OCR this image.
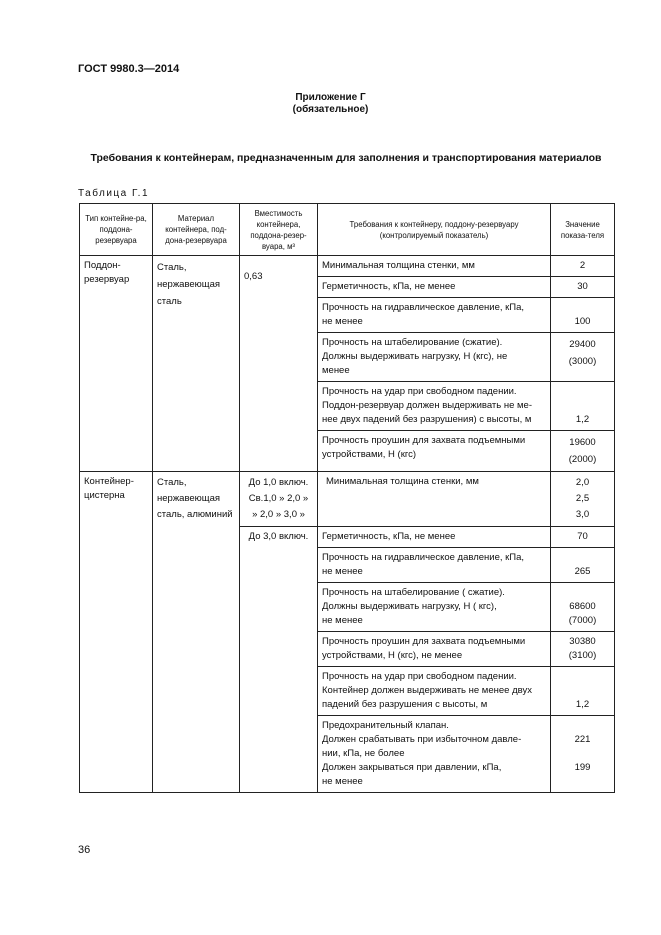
ГОСТ 9980.3—2014
Приложение Г
(обязательное)
Требования к контейнерам, предназначенным для заполнения и транспортирования материалов
Таблица Г.1
Тип контейне-ра, поддона-резервуара	Материал контейнера, под-дона-резервуара	Вместимость контейнера, поддона-резер-вуара, м³	Требования к контейнеру, поддону-резервуару (контролируемый показатель)	Значение показа-теля
Поддон-резервуар	Сталь, нержавеющая сталь	0,63	Минимальная толщина стенки, мм	2

			Герметичность, кПа, не менее	30

			Прочность на гидравлическое давление, кПа,
не менее	100

			Прочность на штабелирование (сжатие).
Должны выдерживать нагрузку, Н (кгс), не
менее	29400
(3000)

			Прочность на удар при свободном падении.
Поддон-резервуар должен выдерживать не ме-
нее двух падений без разрушения) с высоты, м	1,2

			Прочность проушин для захвата подъемными
устройствами, Н (кгс)	19600
(2000)

Контейнер-цистерна	Сталь, нержавеющая сталь, алюминий	До 1,0 включ.
Св.1,0 » 2,0 »
» 2,0 » 3,0 »	Минимальная толщина стенки, мм	2,0
2,5
3,0

		До 3,0 включ.	Герметичность, кПа, не менее	70

			Прочность на гидравлическое давление, кПа,
не менее	265

			Прочность на штабелирование ( сжатие).
Должны выдерживать нагрузку, Н ( кгс),
не менее	68600
(7000)

			Прочность проушин для захвата подъемными
устройствами, Н (кгс), не менее	30380
(3100)

			Прочность на удар при свободном падении.
Контейнер должен выдерживать не менее двух
падений без разрушения с высоты, м	1,2

			Предохранительный клапан.
Должен срабатывать при избыточном давле-
нии, кПа, не более
Должен закрываться при давлении, кПа,
не менее	221
199
36
